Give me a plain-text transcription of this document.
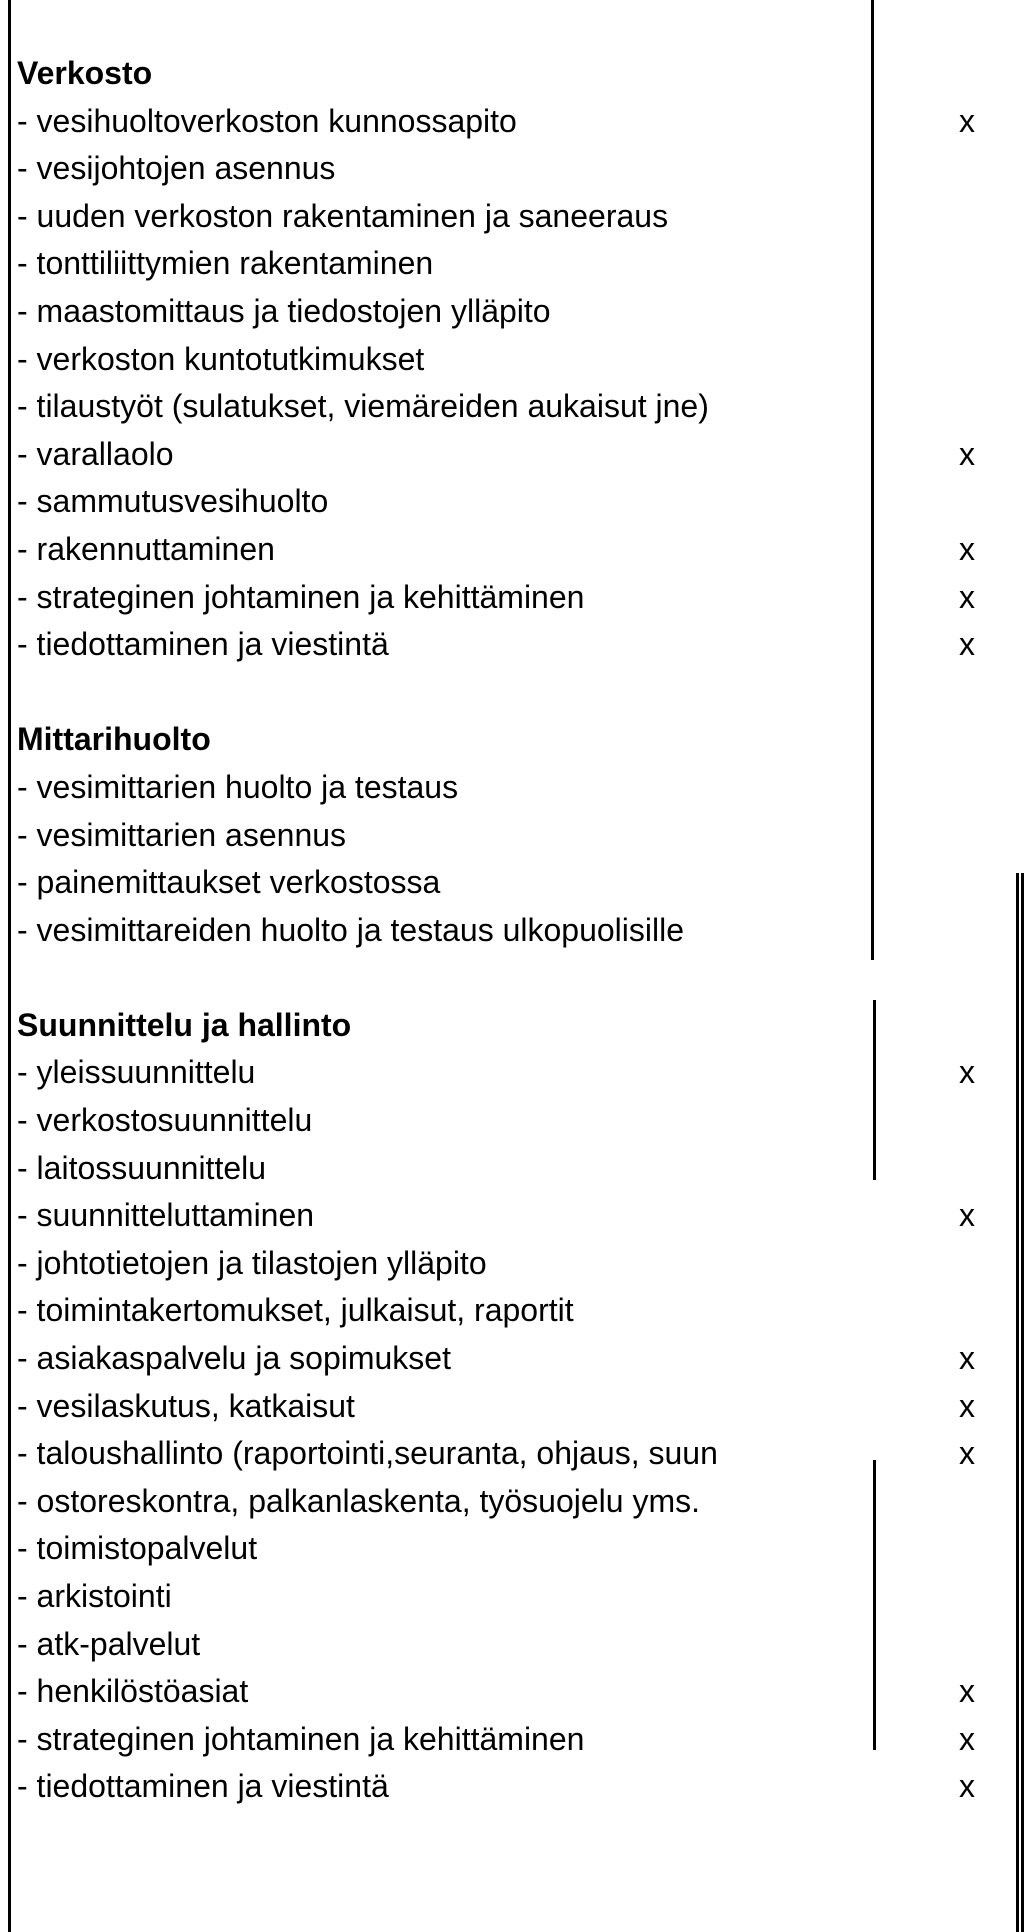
Verkosto
- vesihuoltoverkoston kunnossapito	x
- vesijohtojen asennus
- uuden verkoston rakentaminen ja saneeraus
- tonttiliittymien rakentaminen
- maastomittaus ja tiedostojen ylläpito
- verkoston kuntotutkimukset
- tilaustyöt (sulatukset, viemäreiden aukaisut jne)
- varallaolo	x
- sammutusvesihuolto
- rakennuttaminen	x
- strateginen johtaminen ja kehittäminen	x
- tiedottaminen ja viestintä	x
Mittarihuolto
- vesimittarien huolto ja testaus
- vesimittarien asennus
- painemittaukset verkostossa
- vesimittareiden huolto ja testaus ulkopuolisille
Suunnittelu ja hallinto
- yleissuunnittelu	x
- verkostosuunnittelu
- laitossuunnittelu
- suunnitteluttaminen	x
- johtotietojen ja tilastojen ylläpito
- toimintakertomukset, julkaisut, raportit
- asiakaspalvelu ja sopimukset	x
- vesilaskutus, katkaisut	x
- taloushallinto (raportointi,seuranta, ohjaus, suun	x
- ostoreskontra, palkanlaskenta, työsuojelu yms.
- toimistopalvelut
- arkistointi
- atk-palvelut
- henkilöstöasiat	x
- strateginen johtaminen ja kehittäminen	x
- tiedottaminen ja viestintä	x
